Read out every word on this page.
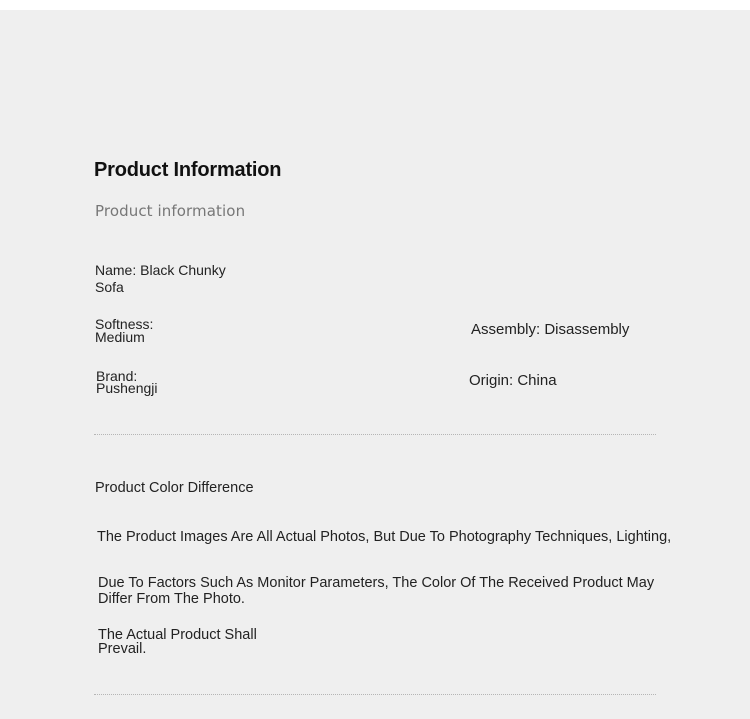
Product Information
Product information
Name: Black Chunky Sofa
Softness: Medium
Brand: Pushengji
Assembly: Disassembly
Origin: China
Product Color Difference
The Product Images Are All Actual Photos, But Due To Photography Techniques, Lighting,
Due To Factors Such As Monitor Parameters, The Color Of The Received Product May Differ From The Photo.
The Actual Product Shall Prevail.
